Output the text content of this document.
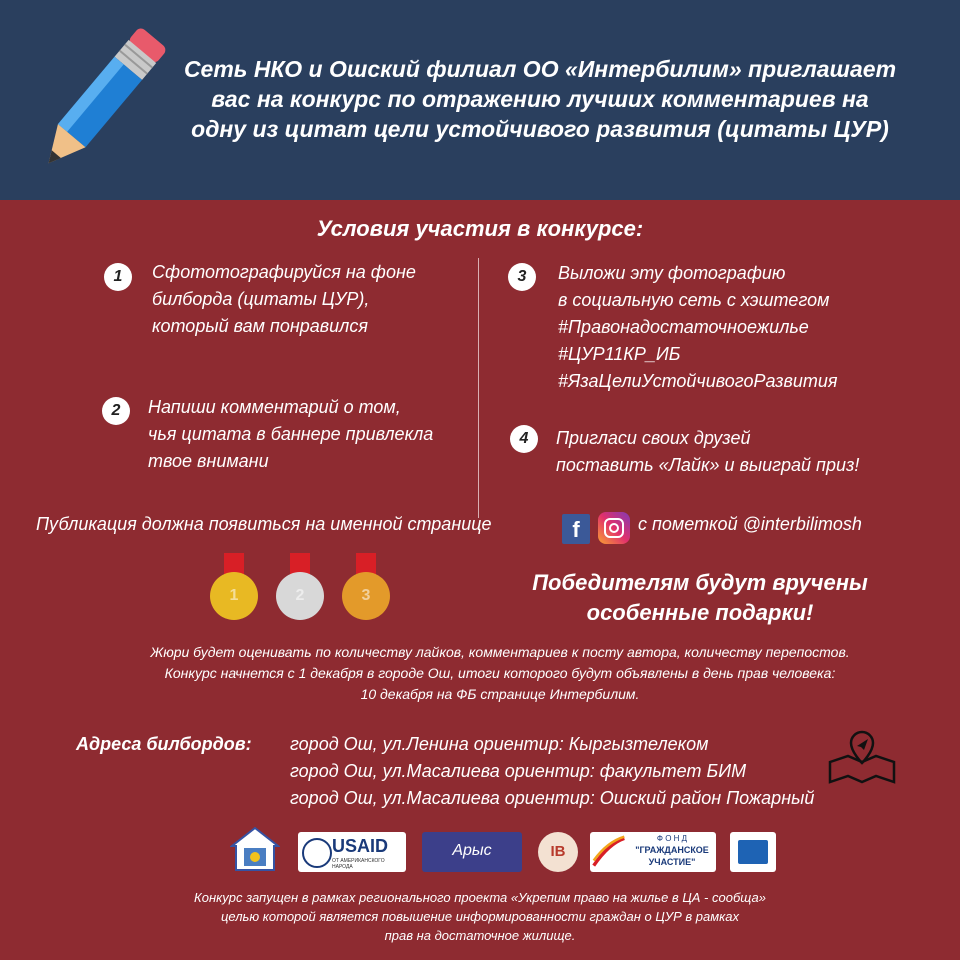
Сеть НКО и Ошский филиал ОО «Интербилим» приглашает
вас на конкурс по отражению лучших комментариев на
одну из цитат цели устойчивого развития (цитаты ЦУР)
Условия участия в конкурсе:
1	Сфототографируйся на фоне
билборда (цитаты ЦУР),
который вам понравился
2	Напиши комментарий о том,
чья цитата в баннере привлекла
твое внимани
3	Выложи эту фотографию
в социальную сеть с хэштегом
#Правонадостаточноежилье
#ЦУР11КР_ИБ
#ЯзаЦелиУстойчивогоРазвития
4	Пригласи своих друзей
поставить «Лайк» и выиграй приз!
Публикация должна появиться на именной странице	f	с пометкой @interbilimosh
1	2	3
Победителям будут вручены
особенные подарки!
Жюри будет оценивать по количеству лайков, комментариев к посту автора, количеству перепостов.
Конкурс начнется с 1 декабря в городе Ош, итоги которого будут объявлены в день прав человека:
10 декабря на ФБ странице Интербилим.
Адреса билбордов: город Ош, ул.Ленина ориентир: Кыргызтелеком
город Ош, ул.Масалиева ориентир: факультет БИМ
город Ош, ул.Масалиева ориентир: Ошский район Пожарный
USAID
ОТ АМЕРИКАНСКОГО НАРОДА
Арыс	IB
Ф О Н Д
"ГРАЖДАНСКОЕ
УЧАСТИЕ"
Конкурс запущен в рамках регионального проекта «Укрепим право на жилье в ЦА - сообща»
целью которой является повышение информированности граждан о ЦУР в рамках
прав на достаточное жилище.
